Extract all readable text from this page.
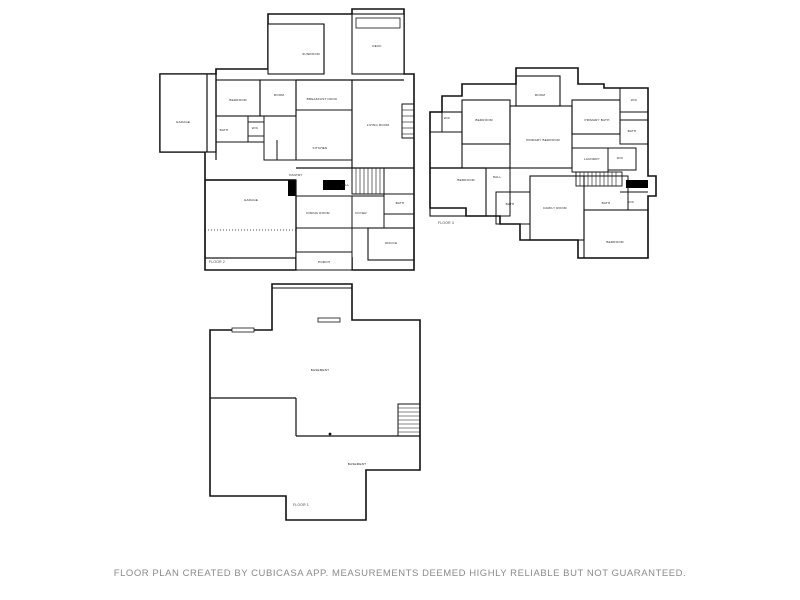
SUNROOM
DECK
GARAGE
BEDROOM
ROOM
BREAKFAST NOOK
BATH	W/C
LIVING ROOM
KITCHEN
PANTRY
HALL
GARAGE
DINING ROOM	FOYER
BATH
OFFICE
PORCH
FLOOR 2
ROOM
W/C	BEDROOM
PRIMARY BEDROOM
PRIMARY BATH
W/C
BATH
LAUNDRY	W/C
BEDROOM
HALL
BATH
FAMILY ROOM
BATH	W/C
BEDROOM
FLOOR 3
BASEMENT
BASEMENT
FLOOR 1
FLOOR PLAN CREATED BY CUBICASA APP. MEASUREMENTS DEEMED HIGHLY RELIABLE BUT NOT GUARANTEED.
